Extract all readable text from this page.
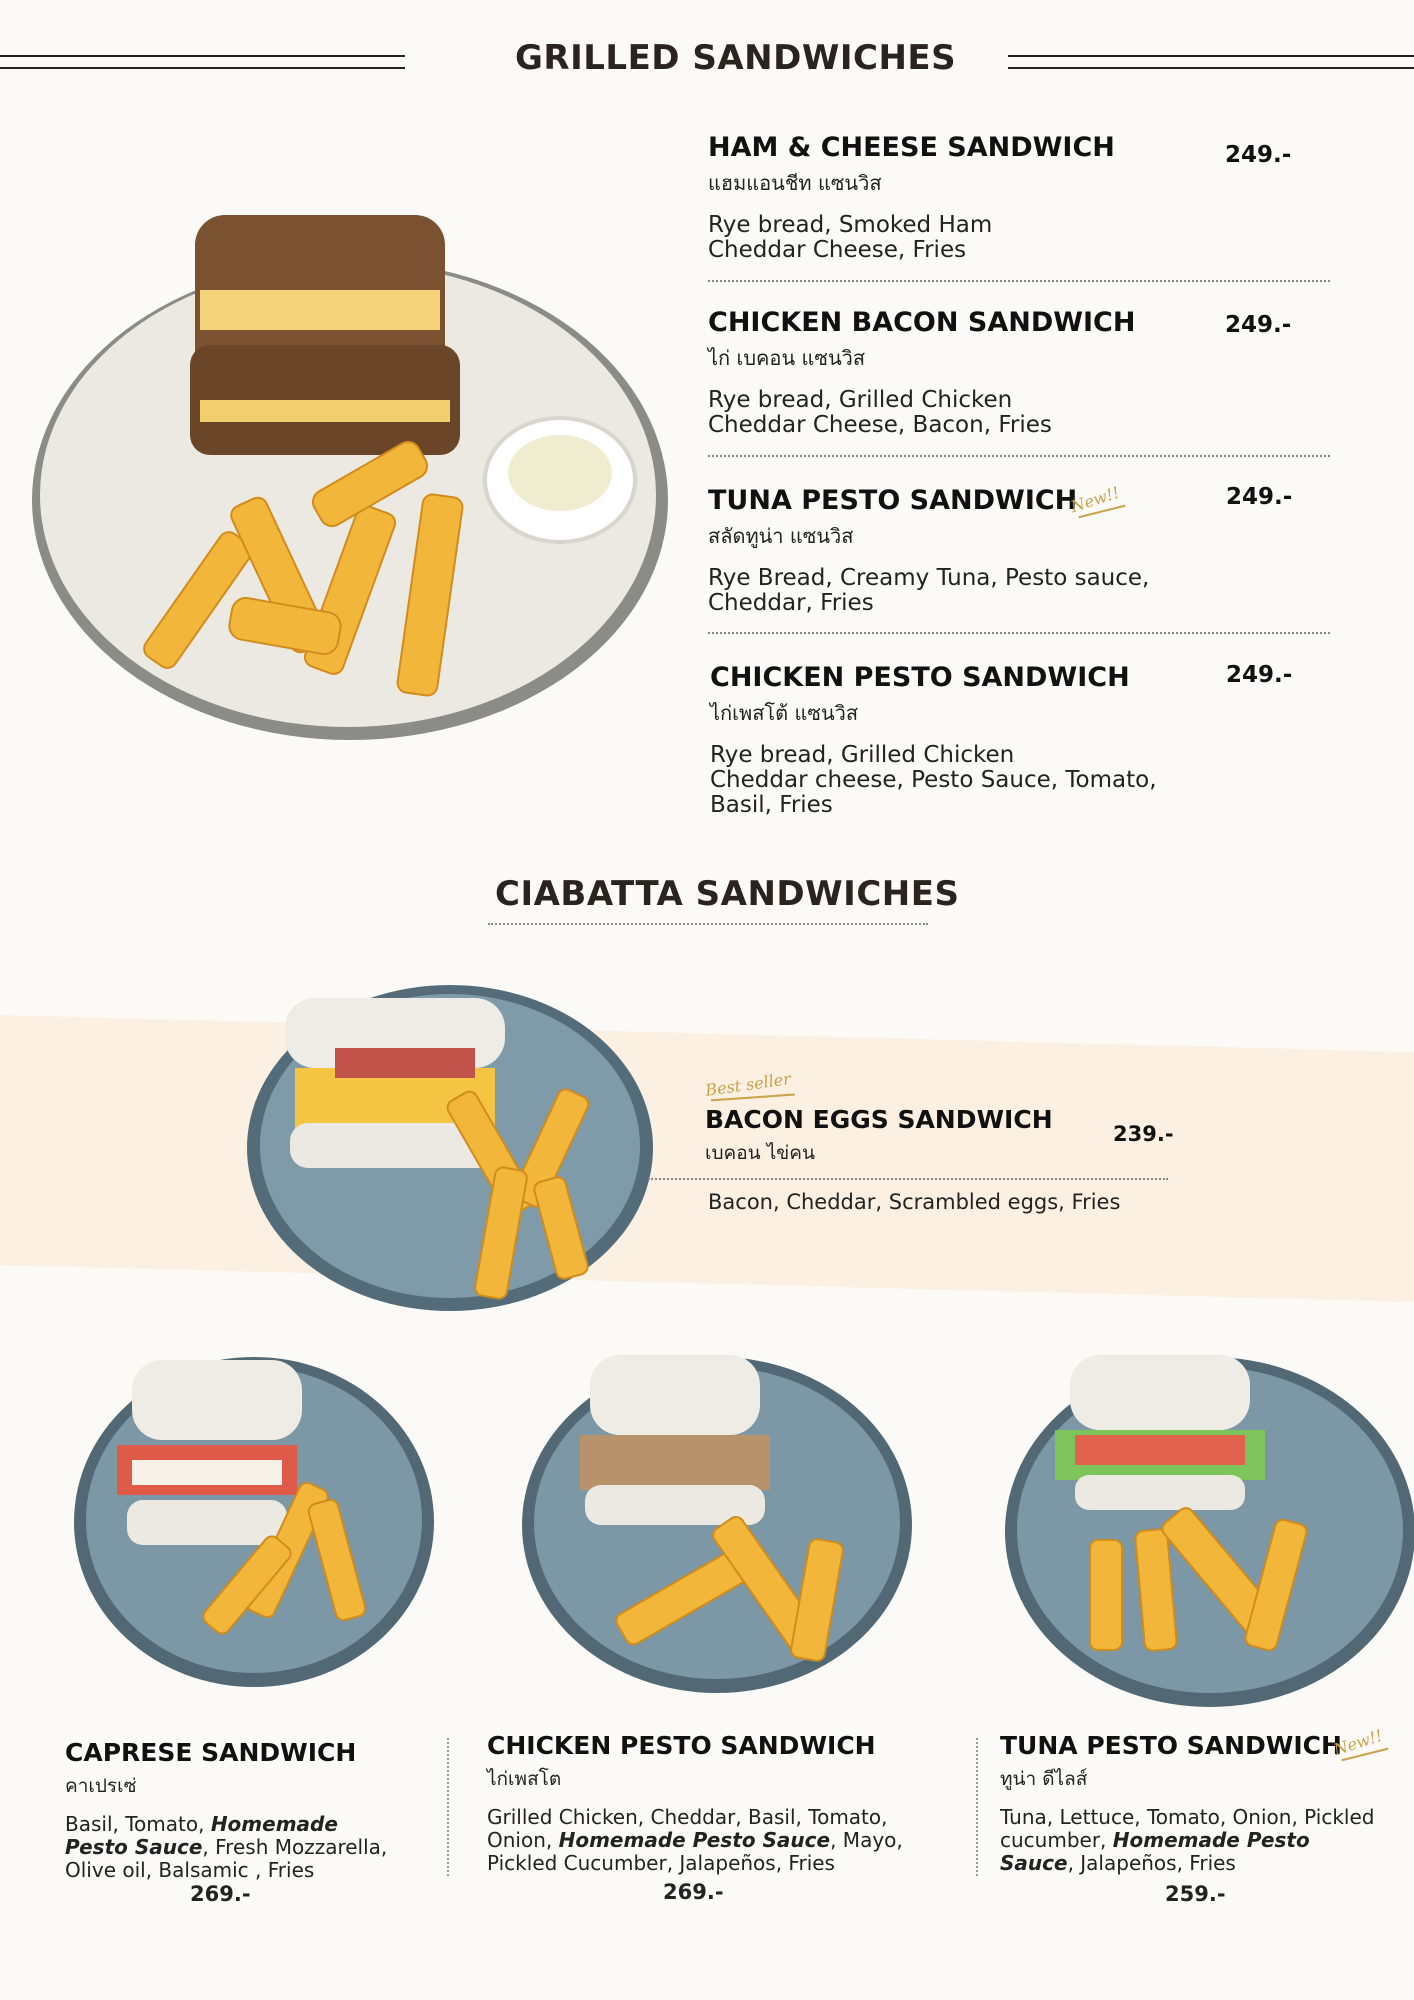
GRILLED SANDWICHES
HAM & CHEESE SANDWICH
แฮมแอนชีท แซนวิส
Rye bread, Smoked Ham
Cheddar Cheese, Fries
249.-
CHICKEN BACON SANDWICH
ไก่ เบคอน แซนวิส
Rye bread, Grilled Chicken
Cheddar Cheese, Bacon, Fries
249.-
TUNA PESTO SANDWICH
สลัดทูน่า แซนวิส
Rye Bread, Creamy Tuna, Pesto sauce,
Cheddar, Fries
New!!	249.-
CHICKEN PESTO SANDWICH
ไก่เพสโต้ แซนวิส
Rye bread, Grilled Chicken
Cheddar cheese, Pesto Sauce, Tomato,
Basil, Fries
249.-
CIABATTA SANDWICHES
Best seller
BACON EGGS SANDWICH
เบคอน ไข่คน
239.-
Bacon, Cheddar, Scrambled eggs, Fries
CAPRESE SANDWICH
คาเปรเซ่
Basil, Tomato, Homemade Pesto Sauce, Fresh Mozzarella, Olive oil, Balsamic , Fries
269.-
CHICKEN PESTO SANDWICH
ไก่เพสโต
Grilled Chicken, Cheddar, Basil, Tomato, Onion, Homemade Pesto Sauce, Mayo, Pickled Cucumber, Jalapeños, Fries
269.-
TUNA PESTO SANDWICH
ทูน่า ดีไลส์
Tuna, Lettuce, Tomato, Onion, Pickled cucumber, Homemade Pesto Sauce, Jalapeños, Fries
New!!
259.-
